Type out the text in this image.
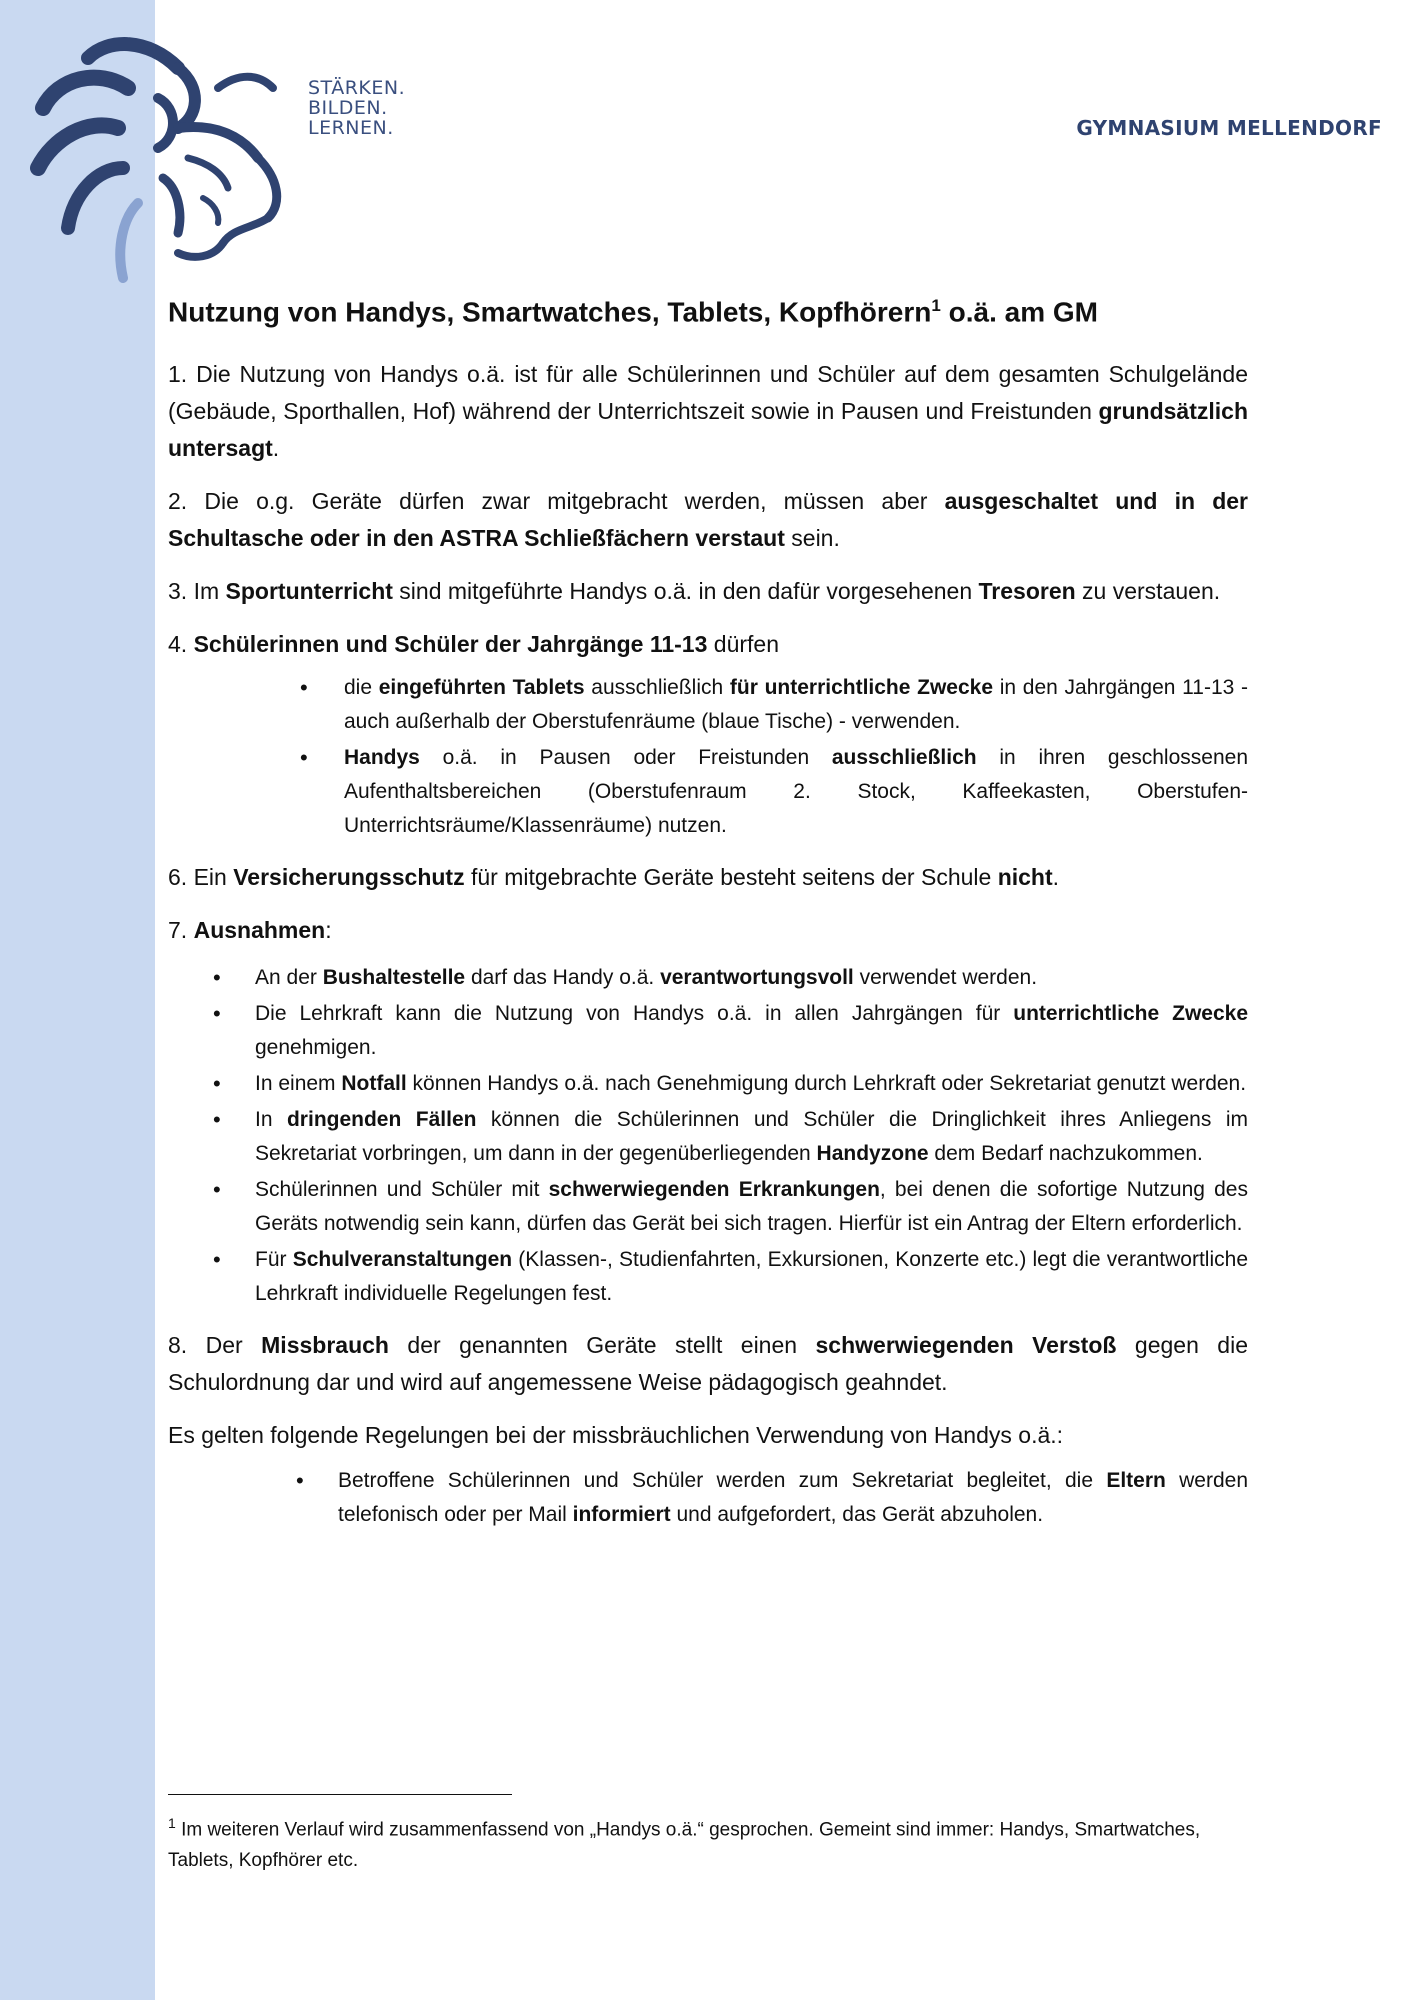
STÄRKEN.
BILDEN.
LERNEN.	GYMNASIUM MELLENDORF
Nutzung von Handys, Smartwatches, Tablets, Kopfhörern$^1$ o.ä. am GM

1. Die Nutzung von Handys o.ä. ist für alle Schülerinnen und Schüler auf dem gesamten Schulgelände (Gebäude, Sporthallen, Hof) während der Unterrichtszeit sowie in Pausen und Freistunden grundsätzlich untersagt.

2. Die o.g. Geräte dürfen zwar mitgebracht werden, müssen aber ausgeschaltet und in der Schultasche oder in den ASTRA Schließfächern verstaut sein.

3. Im Sportunterricht sind mitgeführte Handys o.ä. in den dafür vorgesehenen Tresoren zu verstauen.

4. Schülerinnen und Schüler der Jahrgänge 11-13 dürfen

• die eingeführten Tablets ausschließlich für unterrichtliche Zwecke in den Jahrgängen 11-13 - auch außerhalb der Oberstufenräume (blaue Tische) - verwenden.
• Handys o.ä. in Pausen oder Freistunden ausschließlich in ihren geschlossenen Aufenthaltsbereichen (Oberstufenraum 2. Stock, Kaffeekasten, Oberstufen-Unterrichtsräume/Klassenräume) nutzen.

6. Ein Versicherungsschutz für mitgebrachte Geräte besteht seitens der Schule nicht.

7. Ausnahmen:

• An der Bushaltestelle darf das Handy o.ä. verantwortungsvoll verwendet werden.
• Die Lehrkraft kann die Nutzung von Handys o.ä. in allen Jahrgängen für unterrichtliche Zwecke genehmigen.
• In einem Notfall können Handys o.ä. nach Genehmigung durch Lehrkraft oder Sekretariat genutzt werden.
• In dringenden Fällen können die Schülerinnen und Schüler die Dringlichkeit ihres Anliegens im Sekretariat vorbringen, um dann in der gegenüberliegenden Handyzone dem Bedarf nachzukommen.
• Schülerinnen und Schüler mit schwerwiegenden Erkrankungen, bei denen die sofortige Nutzung des Geräts notwendig sein kann, dürfen das Gerät bei sich tragen. Hierfür ist ein Antrag der Eltern erforderlich.
• Für Schulveranstaltungen (Klassen-, Studienfahrten, Exkursionen, Konzerte etc.) legt die verantwortliche Lehrkraft individuelle Regelungen fest.

8. Der Missbrauch der genannten Geräte stellt einen schwerwiegenden Verstoß gegen die Schulordnung dar und wird auf angemessene Weise pädagogisch geahndet.

Es gelten folgende Regelungen bei der missbräuchlichen Verwendung von Handys o.ä.:

• Betroffene Schülerinnen und Schüler werden zum Sekretariat begleitet, die Eltern werden telefonisch oder per Mail informiert und aufgefordert, das Gerät abzuholen.
$^1$ Im weiteren Verlauf wird zusammenfassend von „Handys o.ä.“ gesprochen. Gemeint sind immer: Handys, Smartwatches, Tablets, Kopfhörer etc.
